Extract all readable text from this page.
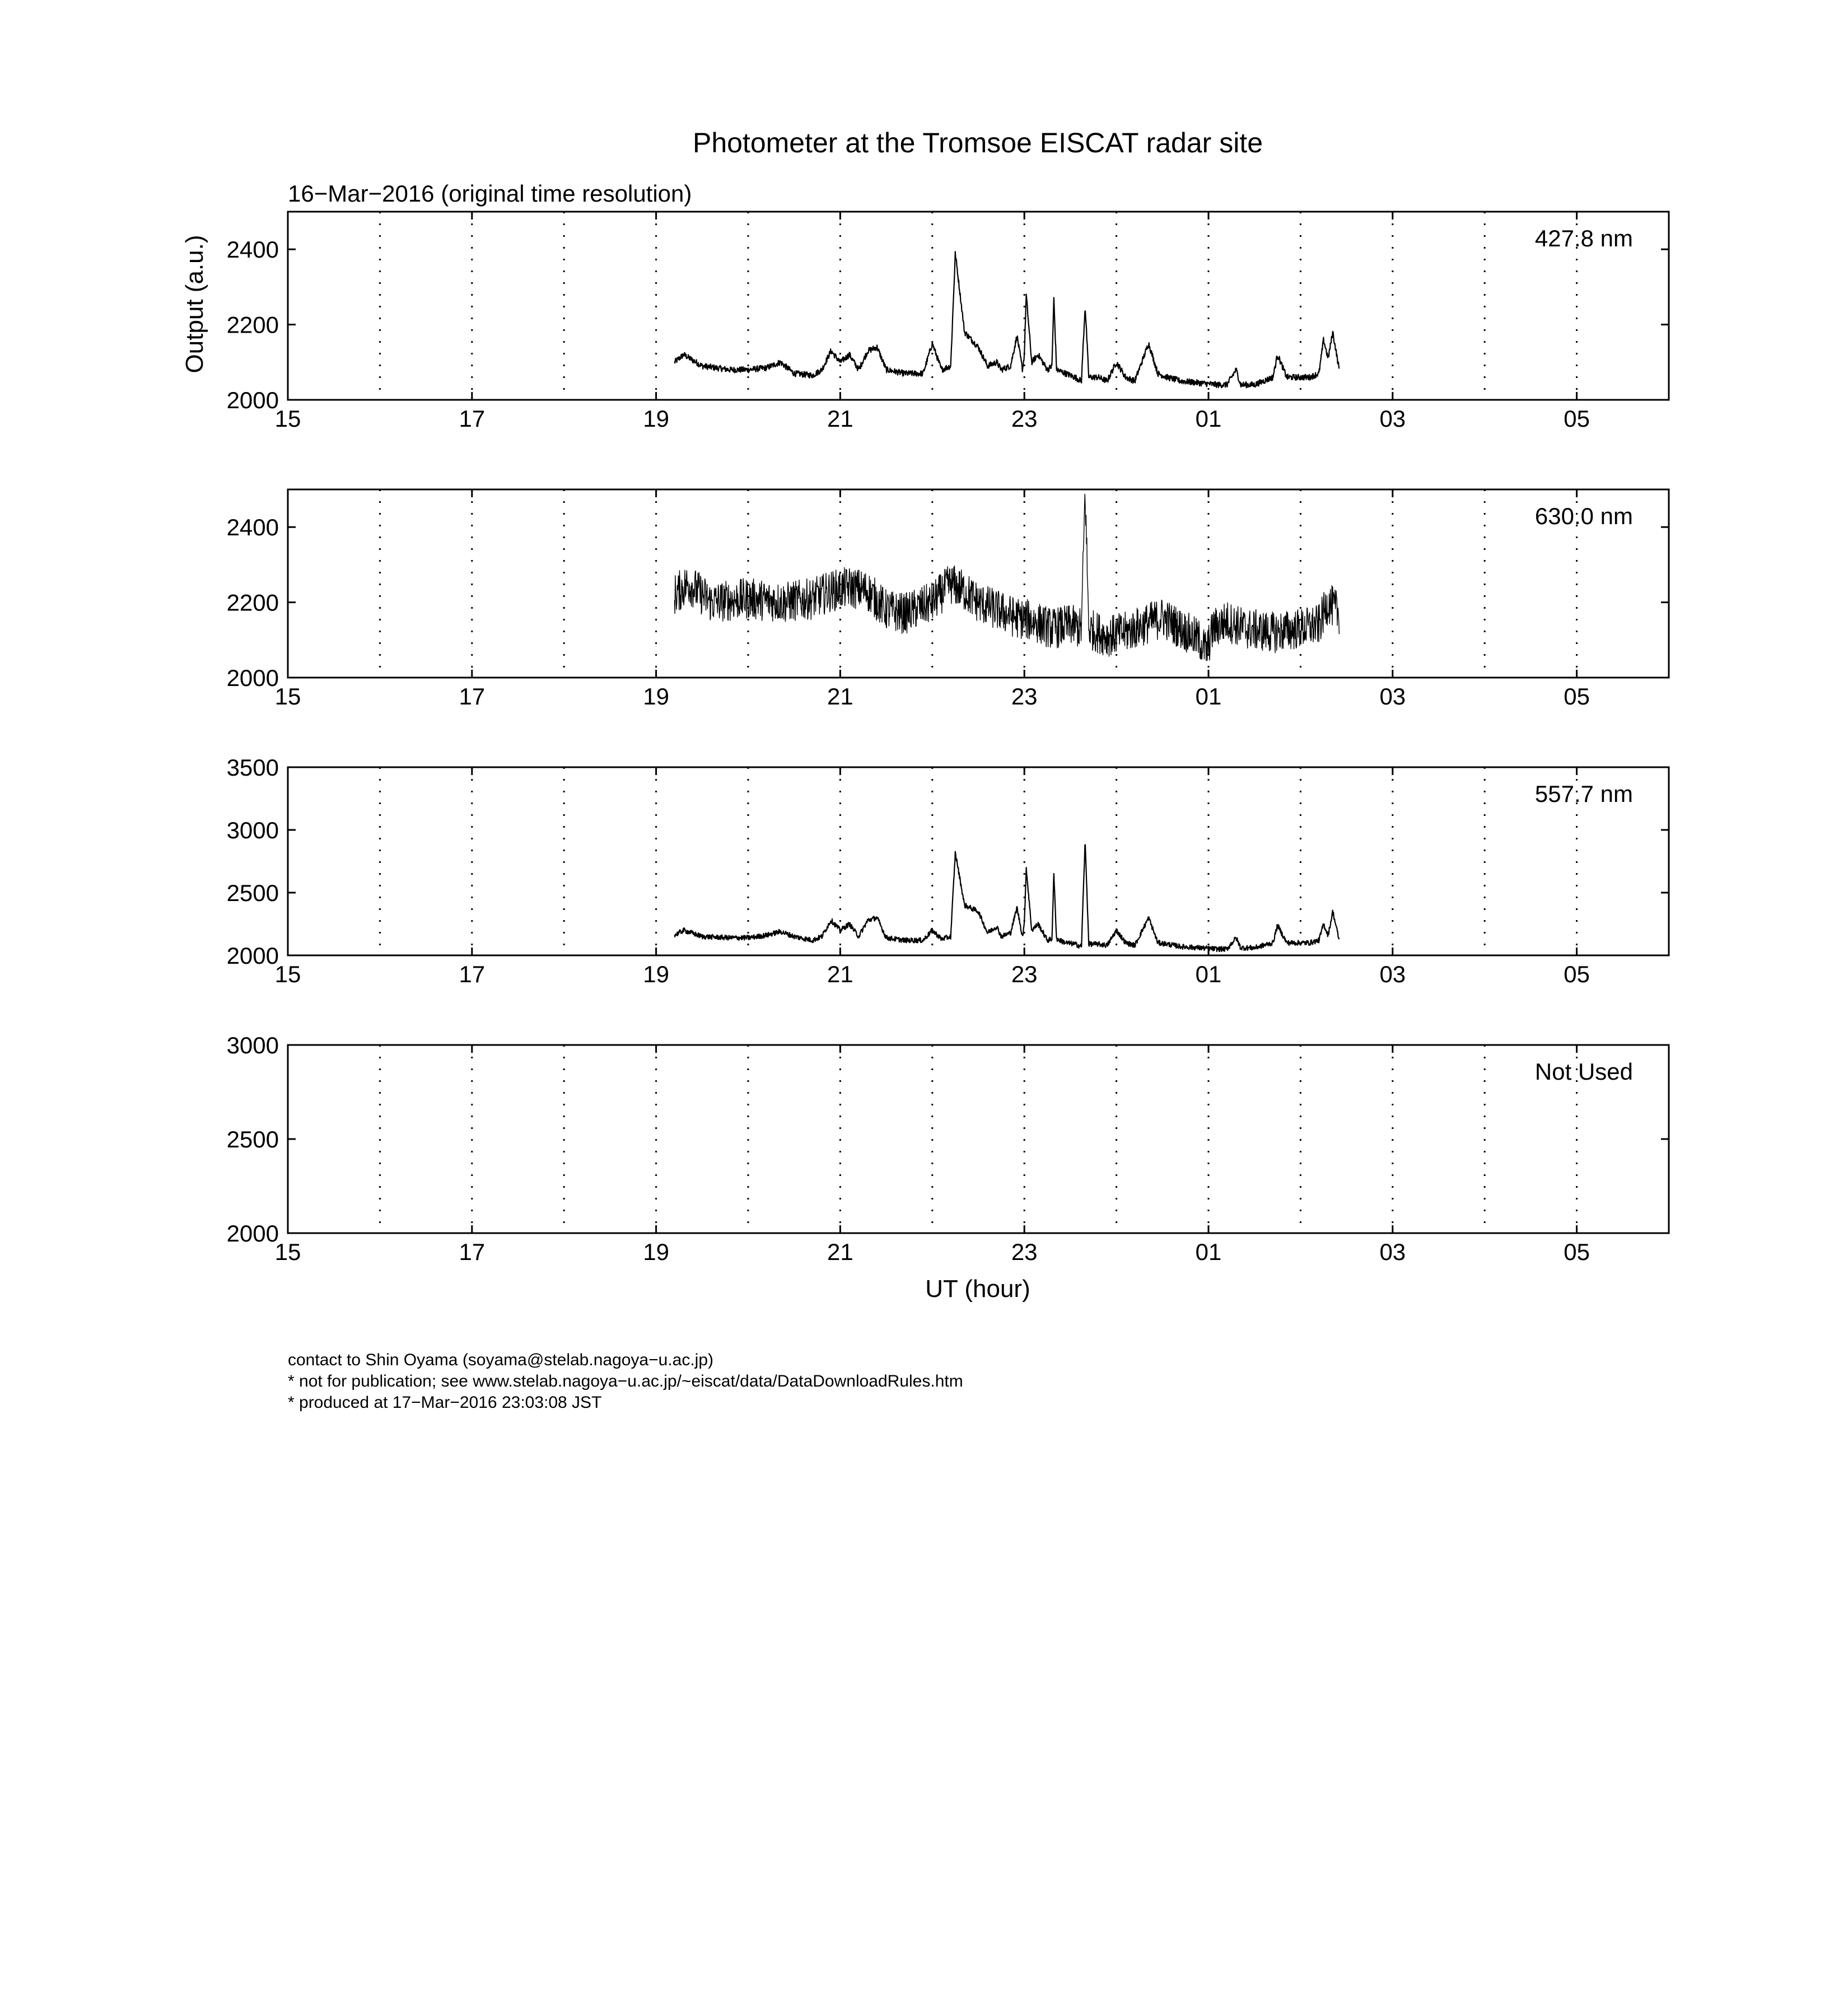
Photometer at the Tromsoe EISCAT radar site
16−Mar−2016 (original time resolution)
Output (a.u.)
15	17	19	21	23	01	03	05
2000
2200
2400	427.8 nm
15	17	19	21	23	01	03	05
2000
2200
2400	630.0 nm
15	17	19	21	23	01	03	05
2000
2500
3000
3500
557.7 nm
15	17	19	21	23	01	03	05
2000
2500
3000
Not Used
UT (hour)
contact to Shin Oyama (soyama@stelab.nagoya−u.ac.jp)
* not for publication; see www.stelab.nagoya−u.ac.jp/~eiscat/data/DataDownloadRules.htm
* produced at 17−Mar−2016 23:03:08 JST
